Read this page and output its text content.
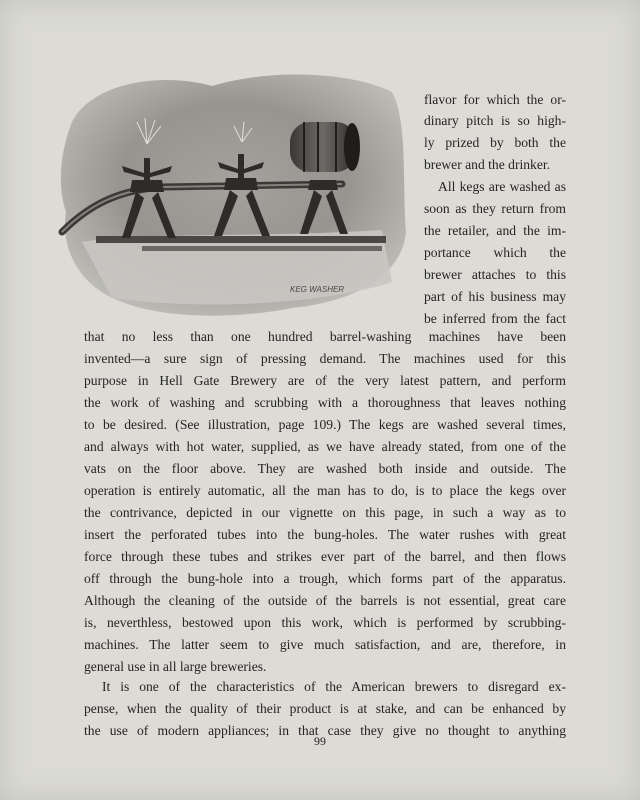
KEG WASHER
flavor for which the or-
dinary pitch is so high-
ly prized by both the
brewer and the drinker.
All kegs are washed as
soon as they return from
the retailer, and the im-
portance which the
brewer attaches to this
part of his business may
be inferred from the fact
that no less than one hundred barrel-washing machines have been
invented—a sure sign of pressing demand. The machines used for this
purpose in Hell Gate Brewery are of the very latest pattern, and perform
the work of washing and scrubbing with a thoroughness that leaves nothing
to be desired. (See illustration, page 109.) The kegs are washed several times,
and always with hot water, supplied, as we have already stated, from one of the
vats on the floor above. They are washed both inside and outside. The
operation is entirely automatic, all the man has to do, is to place the kegs over
the contrivance, depicted in our vignette on this page, in such a way as to
insert the perforated tubes into the bung-holes. The water rushes with great
force through these tubes and strikes ever part of the barrel, and then flows
off through the bung-hole into a trough, which forms part of the apparatus.
Although the cleaning of the outside of the barrels is not essential, great care
is, neverthless, bestowed upon this work, which is performed by scrubbing-
machines. The latter seem to give much satisfaction, and are, therefore, in
general use in all large breweries.
It is one of the characteristics of the American brewers to disregard ex-
pense, when the quality of their product is at stake, and can be enhanced by
the use of modern appliances; in that case they give no thought to anything
99
